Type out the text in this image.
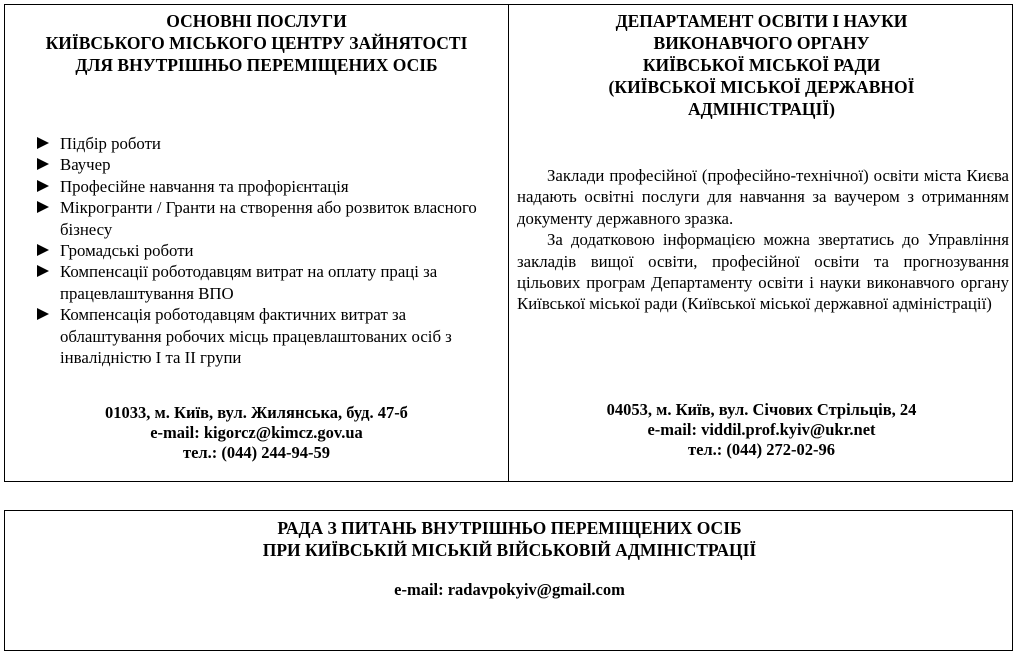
ОСНОВНІ ПОСЛУГИ
КИЇВСЬКОГО МІСЬКОГО ЦЕНТРУ ЗАЙНЯТОСТІ
ДЛЯ ВНУТРІШНЬО ПЕРЕМІЩЕНИХ ОСІБ
Підбір роботи
Ваучер
Професійне навчання та профорієнтація
Мікрогранти / Гранти на створення або розвиток власного бізнесу
Громадські роботи
Компенсації роботодавцям витрат на оплату праці за працевлаштування ВПО
Компенсація роботодавцям фактичних витрат за облаштування робочих місць працевлаштованих осіб з інвалідністю І та ІІ групи
01033, м. Київ, вул. Жилянська, буд. 47-б
e-mail: kigorcz@kimcz.gov.ua
тел.: (044) 244-94-59
ДЕПАРТАМЕНТ ОСВІТИ І НАУКИ
ВИКОНАВЧОГО ОРГАНУ
КИЇВСЬКОЇ МІСЬКОЇ РАДИ
(КИЇВСЬКОЇ МІСЬКОЇ ДЕРЖАВНОЇ
АДМІНІСТРАЦІЇ)

Заклади професійної (професійно-технічної) освіти міста Києва надають освітні послуги для навчання за ваучером з отриманням документу державного зразка.

За додатковою інформацією можна звертатись до Управління закладів вищої освіти, професійної освіти та прогнозування цільових програм Департаменту освіти і науки виконавчого органу Київської міської ради (Київської міської державної адміністрації)

04053, м. Київ, вул. Січових Стрільців, 24
e-mail: viddil.prof.kyiv@ukr.net
тел.: (044) 272-02-96
РАДА З ПИТАНЬ ВНУТРІШНЬО ПЕРЕМІЩЕНИХ ОСІБ
ПРИ КИЇВСЬКІЙ МІСЬКІЙ ВІЙСЬКОВІЙ АДМІНІСТРАЦІЇ
e-mail: radavpokyiv@gmail.com
